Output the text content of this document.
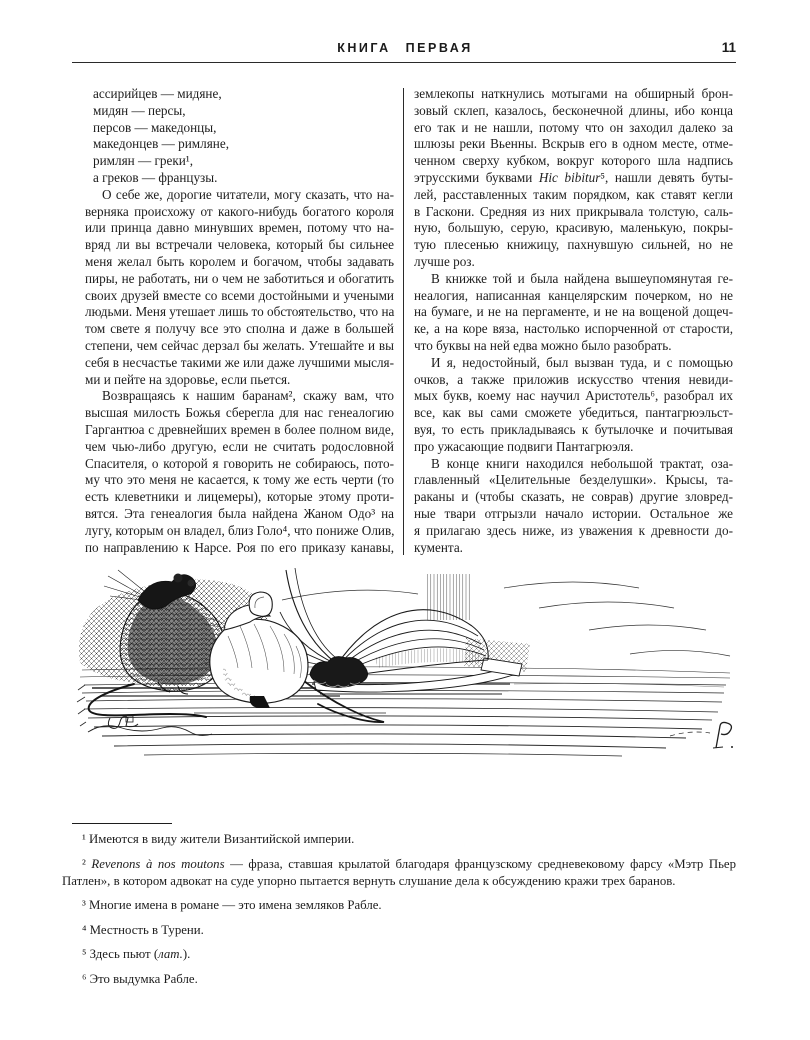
КНИГА ПЕРВАЯ	11
ассирийцев — мидяне,
мидян — персы,
персов — македонцы,
македонцев — римляне,
римлян — греки¹,
а греков — французы.
О себе же, дорогие читатели, могу сказать, что на-
верняка происхожу от какого-нибудь богатого короля
или принца давно минувших времен, потому что на-
вряд ли вы встречали человека, который бы сильнее
меня желал быть королем и богачом, чтобы задавать
пиры, не работать, ни о чем не заботиться и обогатить
своих друзей вместе со всеми достойными и учеными
людьми. Меня утешает лишь то обстоятельство, что на
том свете я получу все это сполна и даже в большей
степени, чем сейчас дерзал бы желать. Утешайте и вы
себя в несчастье такими же или даже лучшими мысля-
ми и пейте на здоровье, если пьется.
Возвращаясь к нашим баранам², скажу вам, что
высшая милость Божья сберегла для нас генеалогию
Гаргантюа с древнейших времен в более полном виде,
чем чью-либо другую, если не считать родословной
Спасителя, о которой я говорить не собираюсь, пото-
му что это меня не касается, к тому же есть черти (то
есть клеветники и лицемеры), которые этому проти-
вятся. Эта генеалогия была найдена Жаном Одо³ на
лугу, которым он владел, близ Голо⁴, что пониже Олив,
по направлению к Нарсе. Роя по его приказу канавы,
землекопы наткнулись мотыгами на обширный брон-
зовый склеп, казалось, бесконечной длины, ибо конца
его так и не нашли, потому что он заходил далеко за
шлюзы реки Вьенны. Вскрыв его в одном месте, отме-
ченном сверху кубком, вокруг которого шла надпись
этрусскими буквами Hic bibitur⁵, нашли девять буты-
лей, расставленных таким порядком, как ставят кегли
в Гаскони. Средняя из них прикрывала толстую, саль-
ную, большую, серую, красивую, маленькую, покры-
тую плесенью книжицу, пахнувшую сильней, но не
лучше роз.
В книжке той и была найдена вышеупомянутая ге-
неалогия, написанная канцелярским почерком, но не
на бумаге, и не на пергаменте, и не на вощеной дощеч-
ке, а на коре вяза, настолько испорченной от старости,
что буквы на ней едва можно было разобрать.
И я, недостойный, был вызван туда, и с помощью
очков, а также приложив искусство чтения невиди-
мых букв, коему нас научил Аристотель⁶, разобрал их
все, как вы сами сможете убедиться, пантагрюэльст-
вуя, то есть прикладываясь к бутылочке и почитывая
про ужасающие подвиги Пантагрюэля.
В конце книги находился небольшой трактат, оза-
главленный «Целительные безделушки». Крысы, та-
раканы и (чтобы сказать, не соврав) другие зловред-
ные твари отгрызли начало истории. Остальное же
я прилагаю здесь ниже, из уважения к древности до-
кумента.
¹ Имеются в виду жители Византийской империи.
² Revenons à nos moutons — фраза, ставшая крылатой благодаря французскому средневековому фарсу «Мэтр Пьер Патлен», в котором адвокат на суде упорно пытается вернуть слушание дела к обсуждению кражи трех баранов.
³ Многие имена в романе — это имена земляков Рабле.
⁴ Местность в Турени.
⁵ Здесь пьют (лат.).
⁶ Это выдумка Рабле.
